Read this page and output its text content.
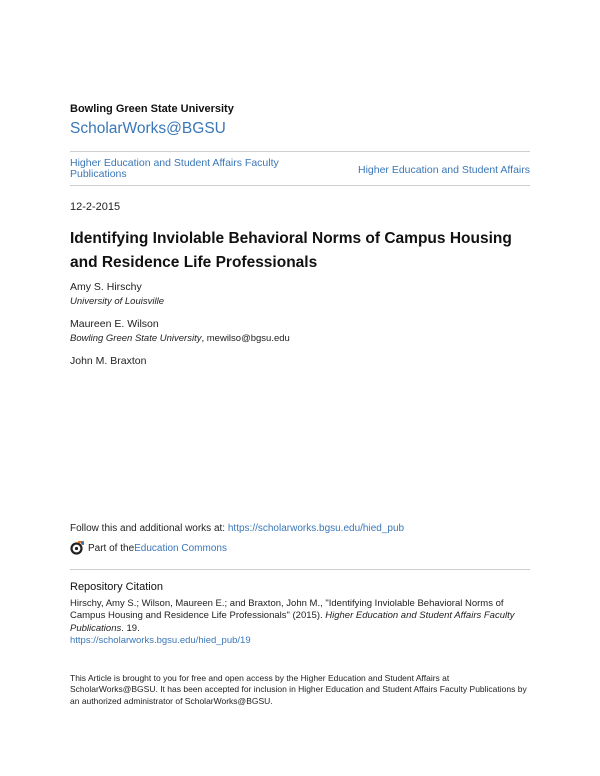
Bowling Green State University
ScholarWorks@BGSU
Higher Education and Student Affairs Faculty Publications	Higher Education and Student Affairs
12-2-2015
Identifying Inviolable Behavioral Norms of Campus Housing and Residence Life Professionals
Amy S. Hirschy
University of Louisville
Maureen E. Wilson
Bowling Green State University, mewilso@bgsu.edu
John M. Braxton
Follow this and additional works at: https://scholarworks.bgsu.edu/hied_pub
Part of the Education Commons
Repository Citation
Hirschy, Amy S.; Wilson, Maureen E.; and Braxton, John M., "Identifying Inviolable Behavioral Norms of Campus Housing and Residence Life Professionals" (2015). Higher Education and Student Affairs Faculty Publications. 19.
https://scholarworks.bgsu.edu/hied_pub/19
This Article is brought to you for free and open access by the Higher Education and Student Affairs at ScholarWorks@BGSU. It has been accepted for inclusion in Higher Education and Student Affairs Faculty Publications by an authorized administrator of ScholarWorks@BGSU.
